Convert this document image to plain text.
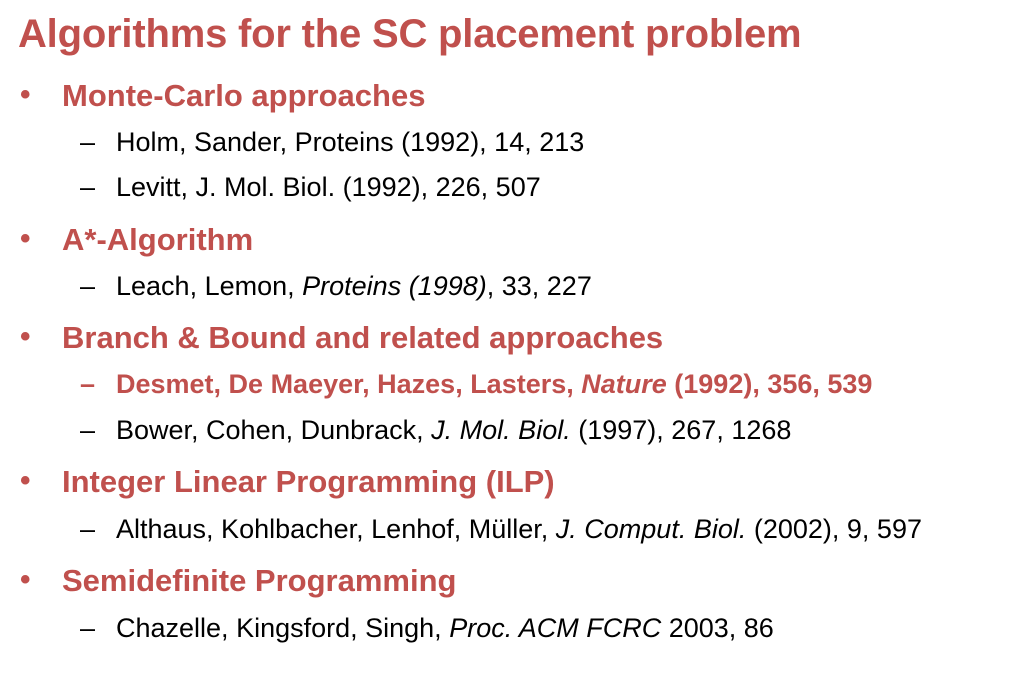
Algorithms for the SC placement problem
• Monte-Carlo approaches
– Holm, Sander, Proteins (1992), 14, 213
– Levitt, J. Mol. Biol. (1992), 226, 507
• A*-Algorithm
– Leach, Lemon, Proteins (1998), 33, 227
• Branch & Bound and related approaches
– Desmet, De Maeyer, Hazes, Lasters, Nature (1992), 356, 539
– Bower, Cohen, Dunbrack, J. Mol. Biol. (1997), 267, 1268
• Integer Linear Programming (ILP)
– Althaus, Kohlbacher, Lenhof, Müller, J. Comput. Biol. (2002), 9, 597
• Semidefinite Programming
– Chazelle, Kingsford, Singh, Proc. ACM FCRC 2003, 86
